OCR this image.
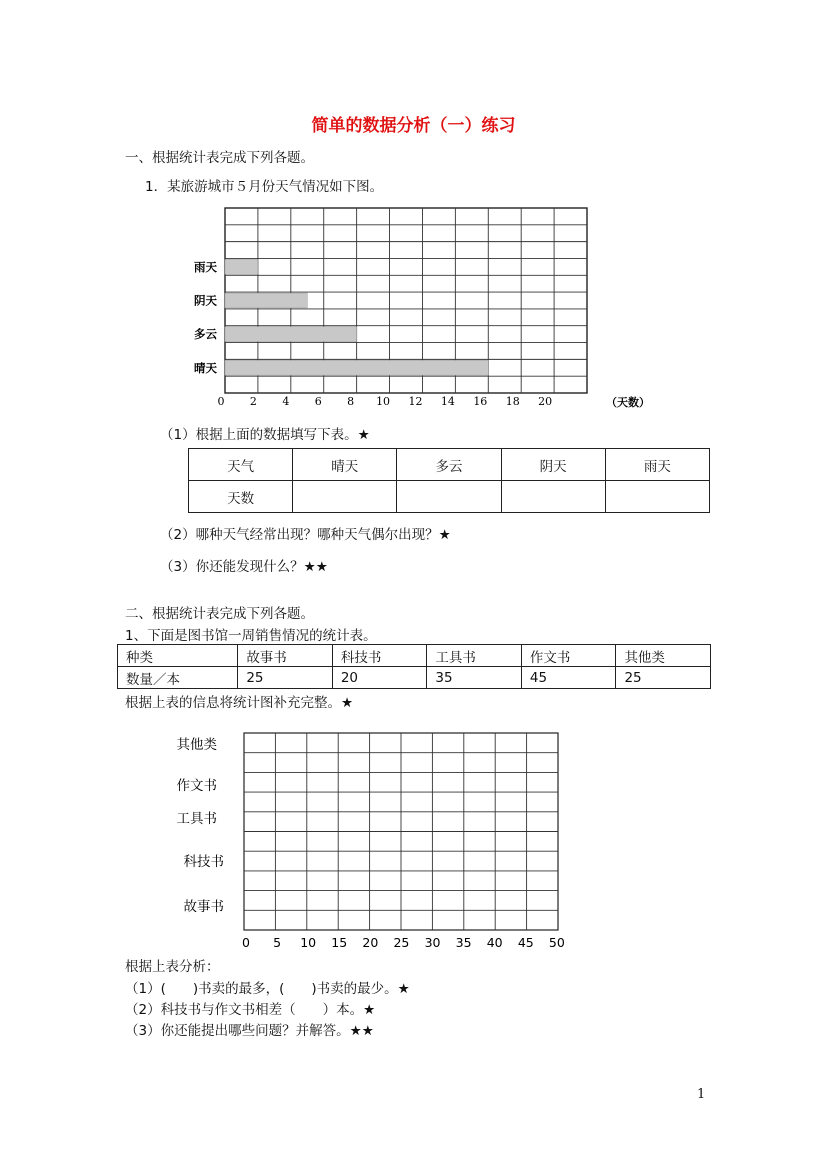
简单的数据分析（一）练习
一、根据统计表完成下列各题。
1．某旅游城市５月份天气情况如下图。
晴天
多云
阴天
雨天
0 2 4 6 8 10 12 14 16 18 20	（天数）
（1）根据上面的数据填写下表。★
天气	晴天	多云	阴天	雨天
天数				
（2）哪种天气经常出现？哪种天气偶尔出现？★
（3）你还能发现什么？★★
二、根据统计表完成下列各题。
1、下面是图书馆一周销售情况的统计表。
种类	故事书	科技书	工具书	作文书	其他类
数量／本	25	20	35	45	25
根据上表的信息将统计图补充完整。★
故事书
科技书
工具书
作文书
其他类
0 5 10 15 20 25 30 35 40 45 50
根据上表分析：
（1）(　　)书卖的最多，(　　)书卖的最少。★
（2）科技书与作文书相差（　　）本。★
（3）你还能提出哪些问题？并解答。★★
1
